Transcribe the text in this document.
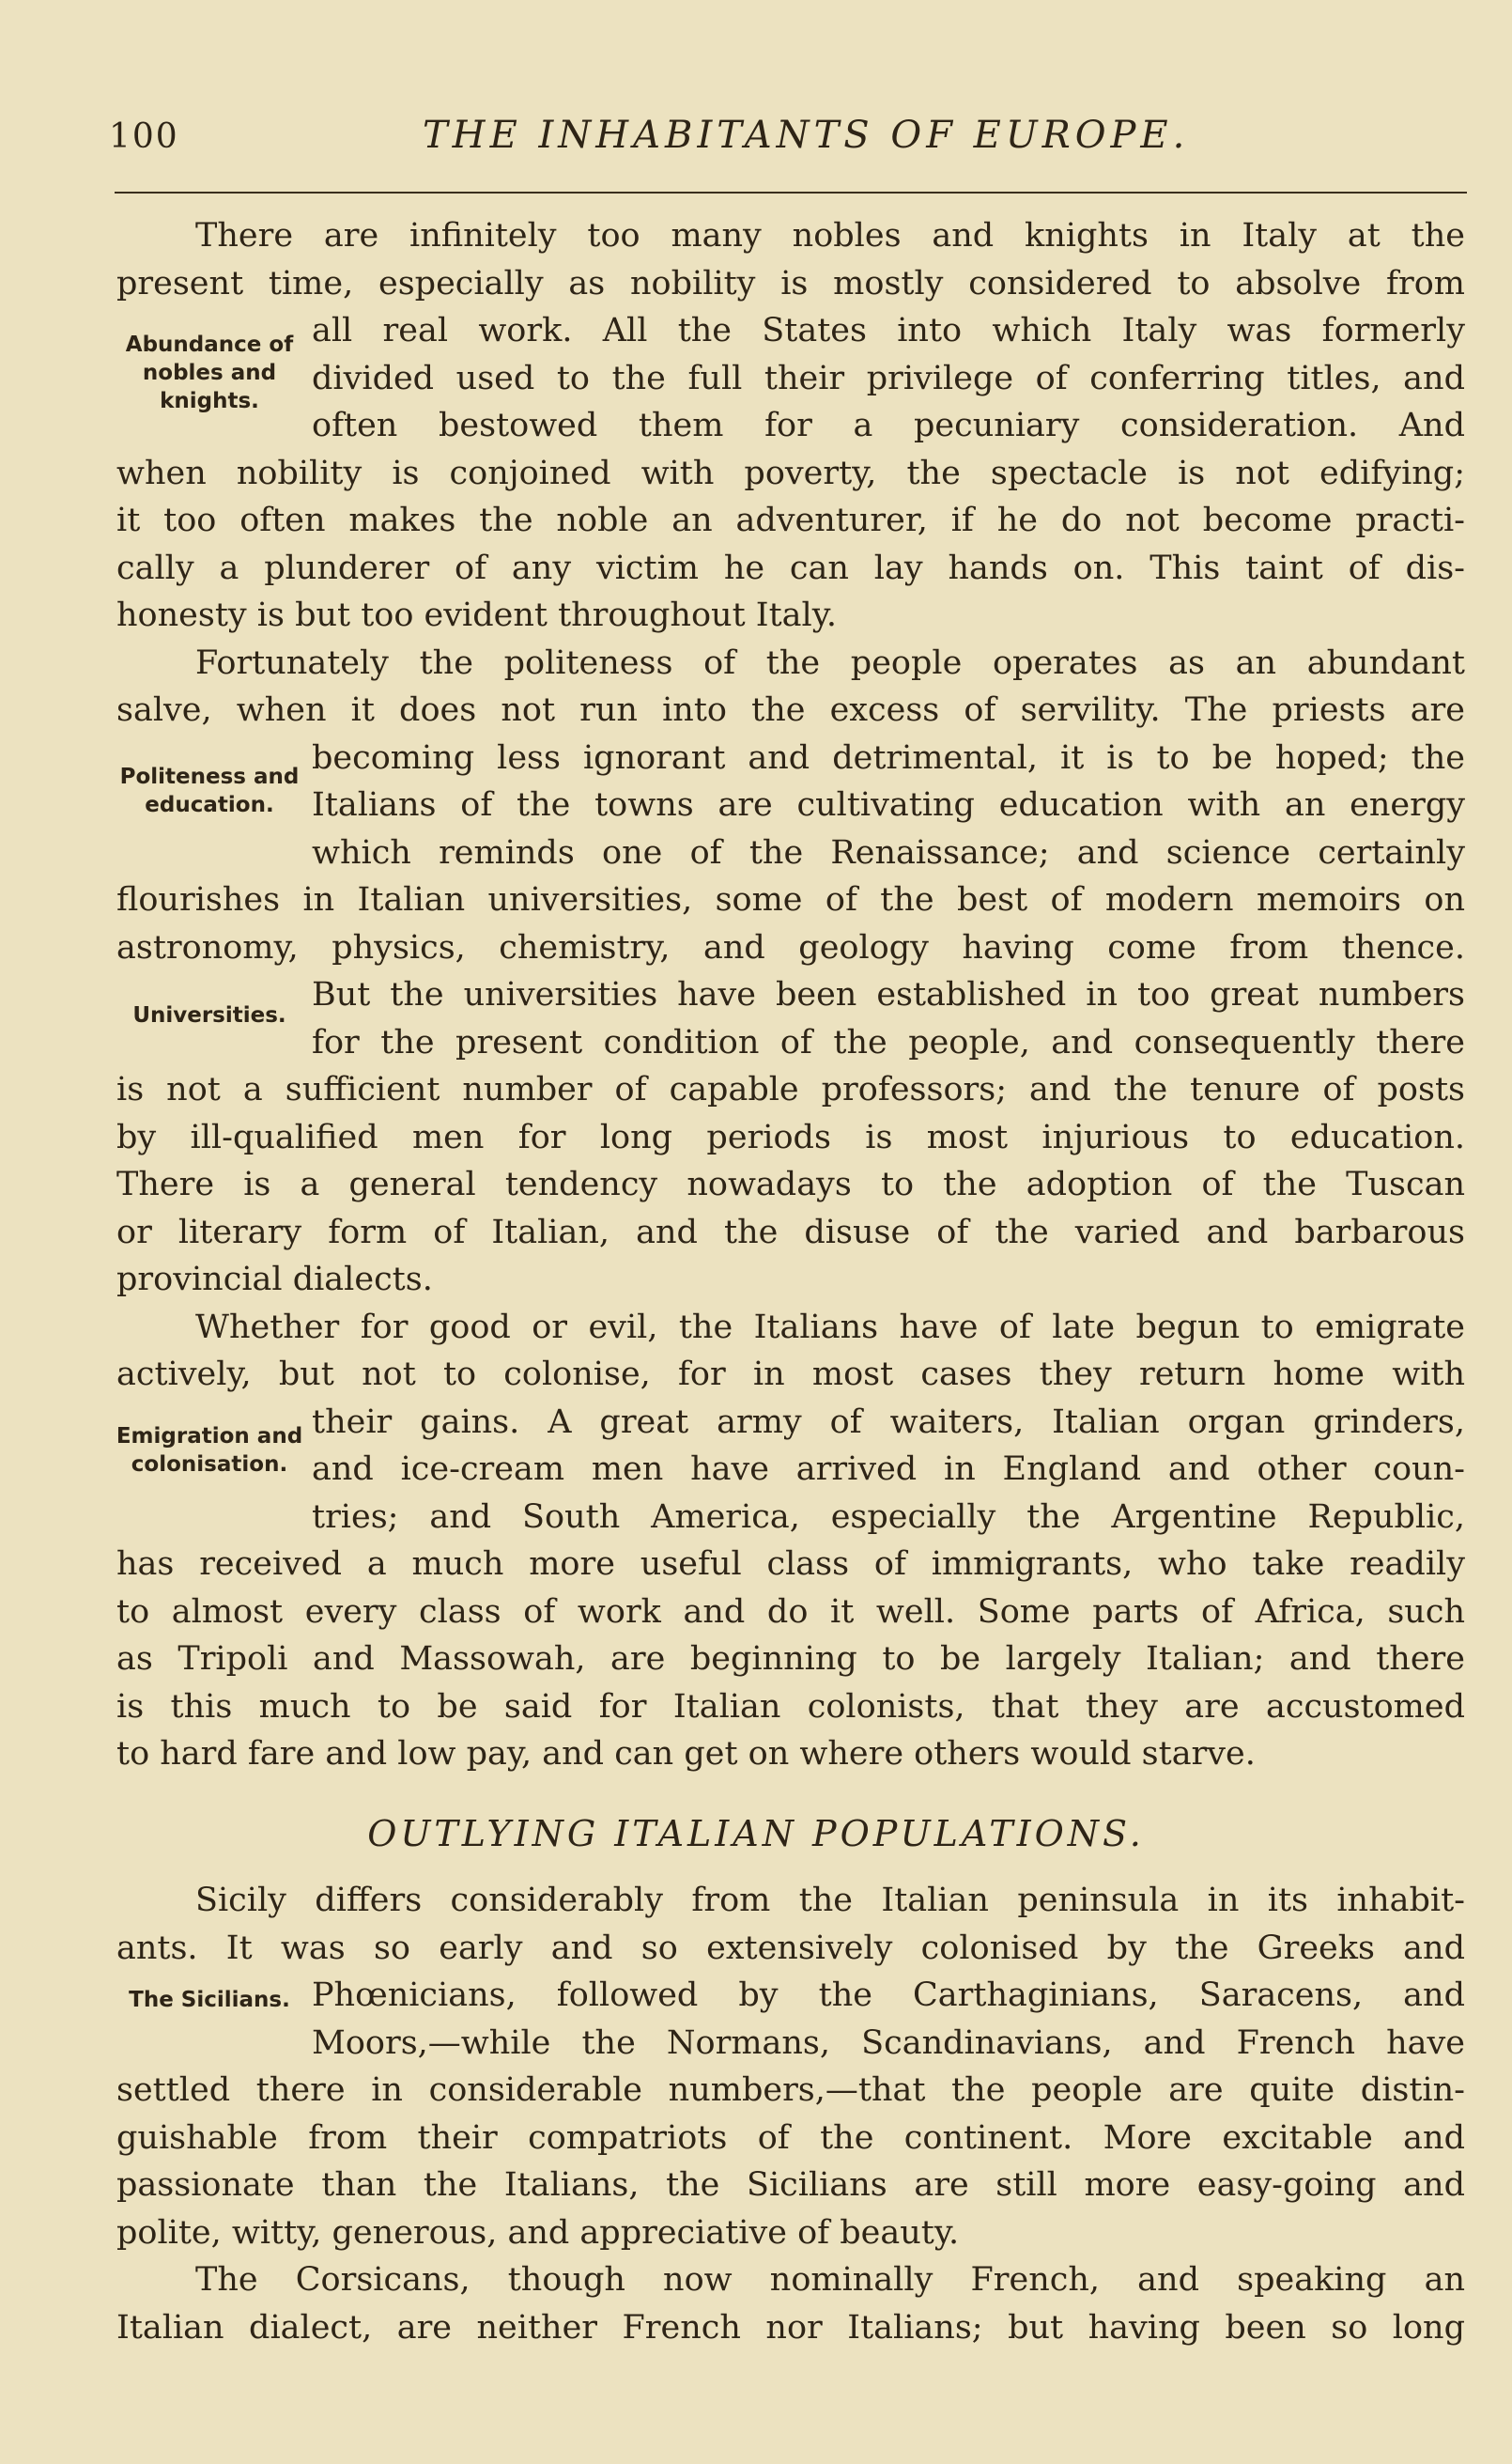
100	THE INHABITANTS OF EUROPE.
Abundance of nobles and knights.
Politeness and education.
Universities.
Emigration and colonisation.
The Sicilians.
There are infinitely too many nobles and knights in Italy at the
present time, especially as nobility is mostly considered to absolve from
all real work. All the States into which Italy was formerly
divided used to the full their privilege of conferring titles, and
often bestowed them for a pecuniary consideration. And
when nobility is conjoined with poverty, the spectacle is not edifying;
it too often makes the noble an adventurer, if he do not become practi-
cally a plunderer of any victim he can lay hands on. This taint of dis-
honesty is but too evident throughout Italy.
Fortunately the politeness of the people operates as an abundant
salve, when it does not run into the excess of servility. The priests are
becoming less ignorant and detrimental, it is to be hoped; the
Italians of the towns are cultivating education with an energy
which reminds one of the Renaissance; and science certainly
flourishes in Italian universities, some of the best of modern memoirs on
astronomy, physics, chemistry, and geology having come from thence.
But the universities have been established in too great numbers
for the present condition of the people, and consequently there
is not a sufficient number of capable professors; and the tenure of posts
by ill-qualified men for long periods is most injurious to education.
There is a general tendency nowadays to the adoption of the Tuscan
or literary form of Italian, and the disuse of the varied and barbarous
provincial dialects.
Whether for good or evil, the Italians have of late begun to emigrate
actively, but not to colonise, for in most cases they return home with
their gains. A great army of waiters, Italian organ grinders,
and ice-cream men have arrived in England and other coun-
tries; and South America, especially the Argentine Republic,
has received a much more useful class of immigrants, who take readily
to almost every class of work and do it well. Some parts of Africa, such
as Tripoli and Massowah, are beginning to be largely Italian; and there
is this much to be said for Italian colonists, that they are accustomed
to hard fare and low pay, and can get on where others would starve.
OUTLYING ITALIAN POPULATIONS.
Sicily differs considerably from the Italian peninsula in its inhabit-
ants. It was so early and so extensively colonised by the Greeks and
Phœnicians, followed by the Carthaginians, Saracens, and
Moors,—while the Normans, Scandinavians, and French have
settled there in considerable numbers,—that the people are quite distin-
guishable from their compatriots of the continent. More excitable and
passionate than the Italians, the Sicilians are still more easy-going and
polite, witty, generous, and appreciative of beauty.
The Corsicans, though now nominally French, and speaking an
Italian dialect, are neither French nor Italians; but having been so long
